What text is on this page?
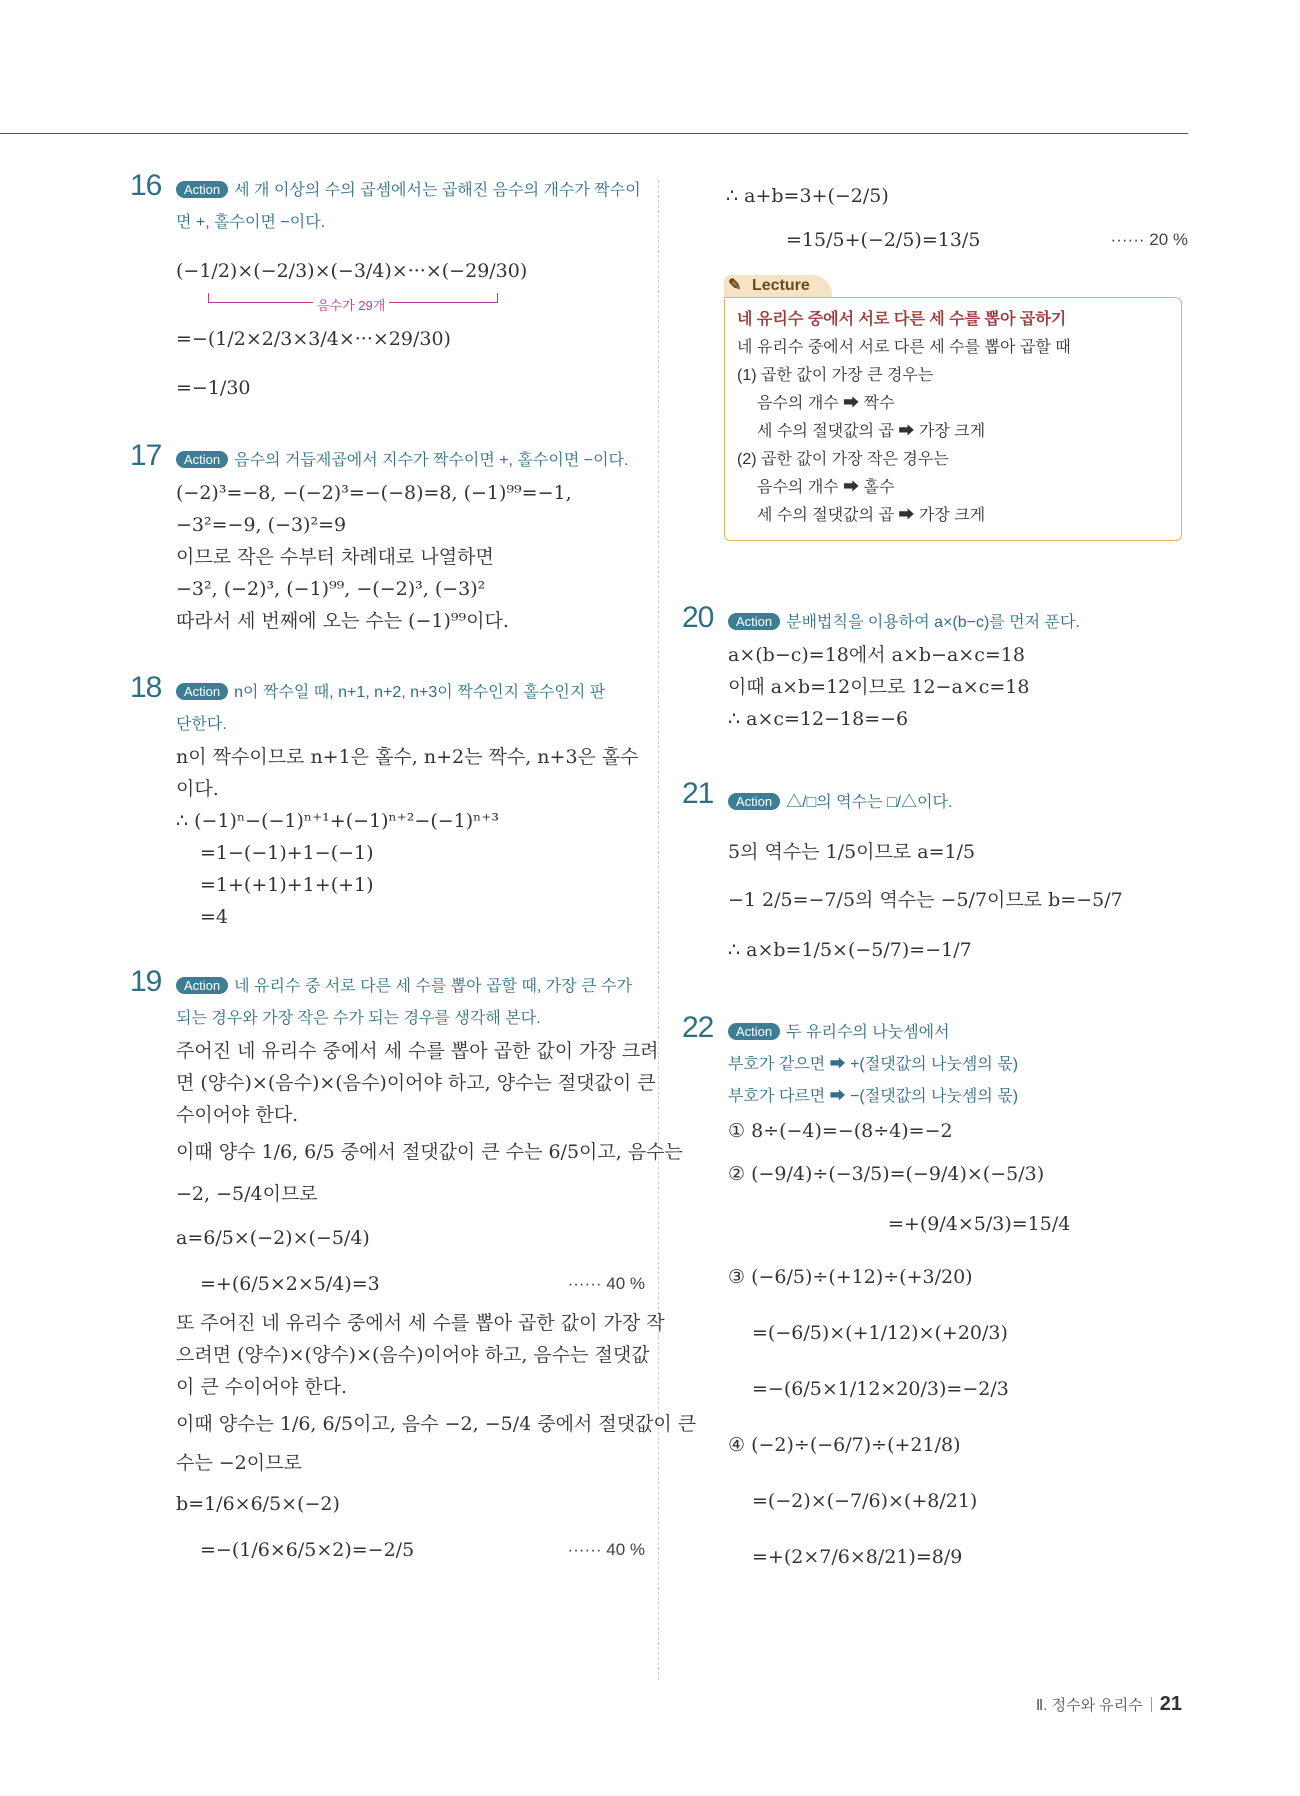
16	Action 세 개 이상의 수의 곱셈에서는 곱해진 음수의 개수가 짝수이
면 +, 홀수이면 −이다.
(−1/2)×(−2/3)×(−3/4)×···×(−29/30)
음수가 29개
=−(1/2×2/3×3/4×···×29/30)
=−1/30
17	Action 음수의 거듭제곱에서 지수가 짝수이면 +, 홀수이면 −이다.
(−2)³=−8, −(−2)³=−(−8)=8, (−1)⁹⁹=−1,
−3²=−9, (−3)²=9
이므로 작은 수부터 차례대로 나열하면
−3², (−2)³, (−1)⁹⁹, −(−2)³, (−3)²
따라서 세 번째에 오는 수는 (−1)⁹⁹이다.
18	Action n이 짝수일 때, n+1, n+2, n+3이 짝수인지 홀수인지 판
단한다.
n이 짝수이므로 n+1은 홀수, n+2는 짝수, n+3은 홀수
이다.
∴ (−1)ⁿ−(−1)ⁿ⁺¹+(−1)ⁿ⁺²−(−1)ⁿ⁺³
=1−(−1)+1−(−1)
=1+(+1)+1+(+1)
=4
19	Action 네 유리수 중 서로 다른 세 수를 뽑아 곱할 때, 가장 큰 수가
되는 경우와 가장 작은 수가 되는 경우를 생각해 본다.
주어진 네 유리수 중에서 세 수를 뽑아 곱한 값이 가장 크려
면 (양수)×(음수)×(음수)이어야 하고, 양수는 절댓값이 큰
수이어야 한다.
이때 양수 1/6, 6/5 중에서 절댓값이 큰 수는 6/5이고, 음수는
−2, −5/4이므로
a=6/5×(−2)×(−5/4)
=+(6/5×2×5/4)=3	······ 40 %
또 주어진 네 유리수 중에서 세 수를 뽑아 곱한 값이 가장 작
으려면 (양수)×(양수)×(음수)이어야 하고, 음수는 절댓값
이 큰 수이어야 한다.
이때 양수는 1/6, 6/5이고, 음수 −2, −5/4 중에서 절댓값이 큰
수는 −2이므로
b=1/6×6/5×(−2)
=−(1/6×6/5×2)=−2/5	······ 40 %
∴ a+b=3+(−2/5)
=15/5+(−2/5)=13/5	······ 20 %
✎ Lecture
네 유리수 중에서 서로 다른 세 수를 뽑아 곱하기
네 유리수 중에서 서로 다른 세 수를 뽑아 곱할 때
(1) 곱한 값이 가장 큰 경우는
음수의 개수 ➡ 짝수
세 수의 절댓값의 곱 ➡ 가장 크게
(2) 곱한 값이 가장 작은 경우는
음수의 개수 ➡ 홀수
세 수의 절댓값의 곱 ➡ 가장 크게
20	Action 분배법칙을 이용하여 a×(b−c)를 먼저 푼다.
a×(b−c)=18에서 a×b−a×c=18
이때 a×b=12이므로 12−a×c=18
∴ a×c=12−18=−6
21	Action △/□의 역수는 □/△이다.
5의 역수는 1/5이므로 a=1/5
−1 2/5=−7/5의 역수는 −5/7이므로 b=−5/7
∴ a×b=1/5×(−5/7)=−1/7
22	Action 두 유리수의 나눗셈에서
부호가 같으면 ➡ +(절댓값의 나눗셈의 몫)
부호가 다르면 ➡ −(절댓값의 나눗셈의 몫)
① 8÷(−4)=−(8÷4)=−2
② (−9/4)÷(−3/5)=(−9/4)×(−5/3)
=+(9/4×5/3)=15/4
③ (−6/5)÷(+12)÷(+3/20)
=(−6/5)×(+1/12)×(+20/3)
=−(6/5×1/12×20/3)=−2/3
④ (−2)÷(−6/7)÷(+21/8)
=(−2)×(−7/6)×(+8/21)
=+(2×7/6×8/21)=8/9
Ⅱ. 정수와 유리수 21
